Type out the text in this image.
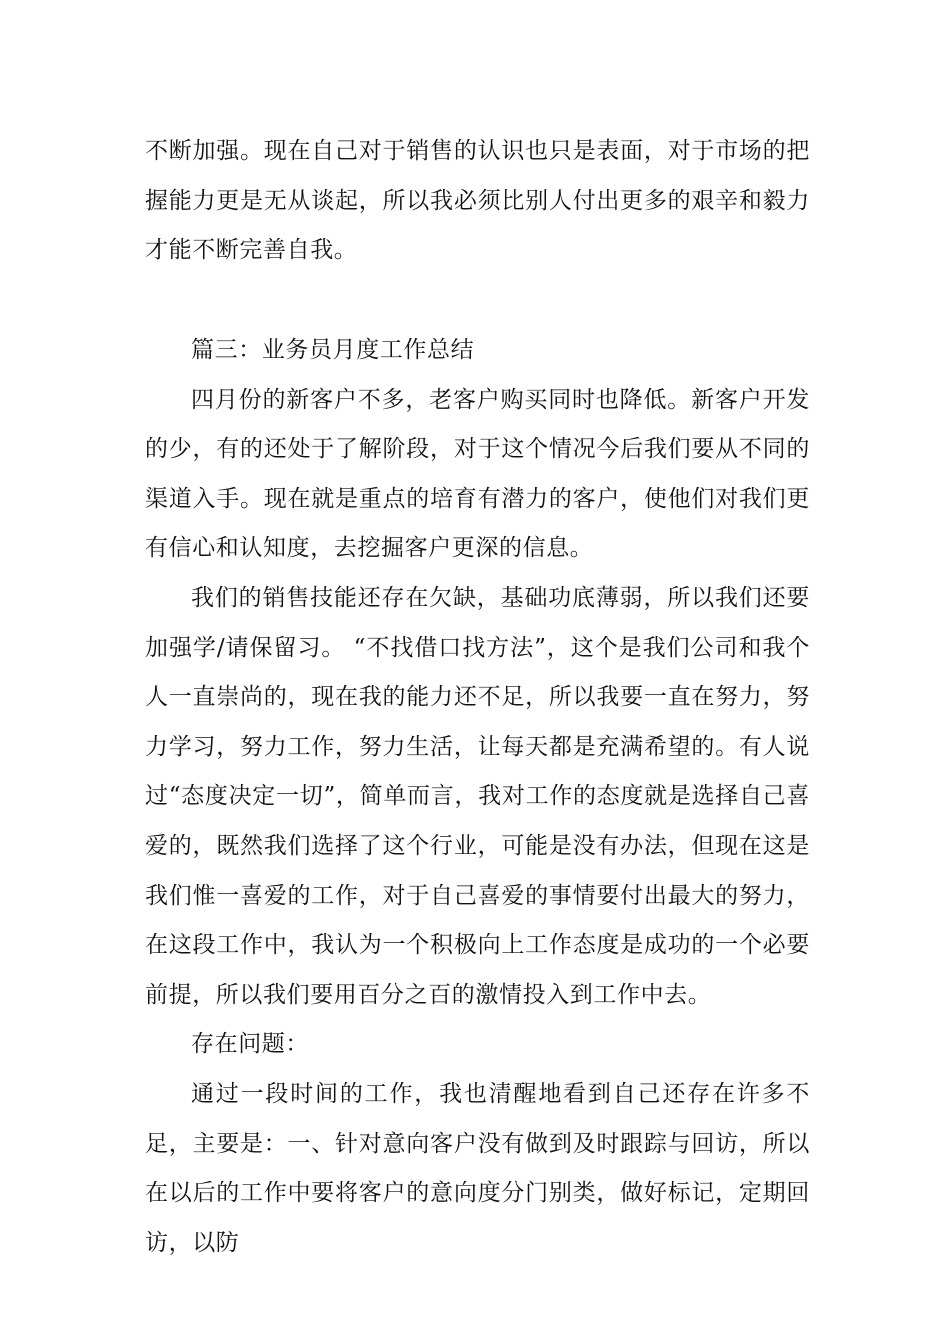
不断加强。现在自己对于销售的认识也只是表面，对于市场的把握能力更是无从谈起，所以我必须比别人付出更多的艰辛和毅力才能不断完善自我。

篇三：业务员月度工作总结

四月份的新客户不多，老客户购买同时也降低。新客户开发的少，有的还处于了解阶段，对于这个情况今后我们要从不同的渠道入手。现在就是重点的培育有潜力的客户，使他们对我们更有信心和认知度，去挖掘客户更深的信息。

我们的销售技能还存在欠缺，基础功底薄弱，所以我们还要加强学/请保留习。 “不找借口找方法”，这个是我们公司和我个人一直崇尚的，现在我的能力还不足，所以我要一直在努力，努力学习，努力工作，努力生活，让每天都是充满希望的。有人说过“态度决定一切”，简单而言，我对工作的态度就是选择自己喜爱的，既然我们选择了这个行业，可能是没有办法，但现在这是我们惟一喜爱的工作，对于自己喜爱的事情要付出最大的努力，在这段工作中，我认为一个积极向上工作态度是成功的一个必要前提，所以我们要用百分之百的激情投入到工作中去。

存在问题：

通过一段时间的工作，我也清醒地看到自己还存在许多不足，主要是：一、针对意向客户没有做到及时跟踪与回访，所以在以后的工作中要将客户的意向度分门别类，做好标记，定期回访，以防
